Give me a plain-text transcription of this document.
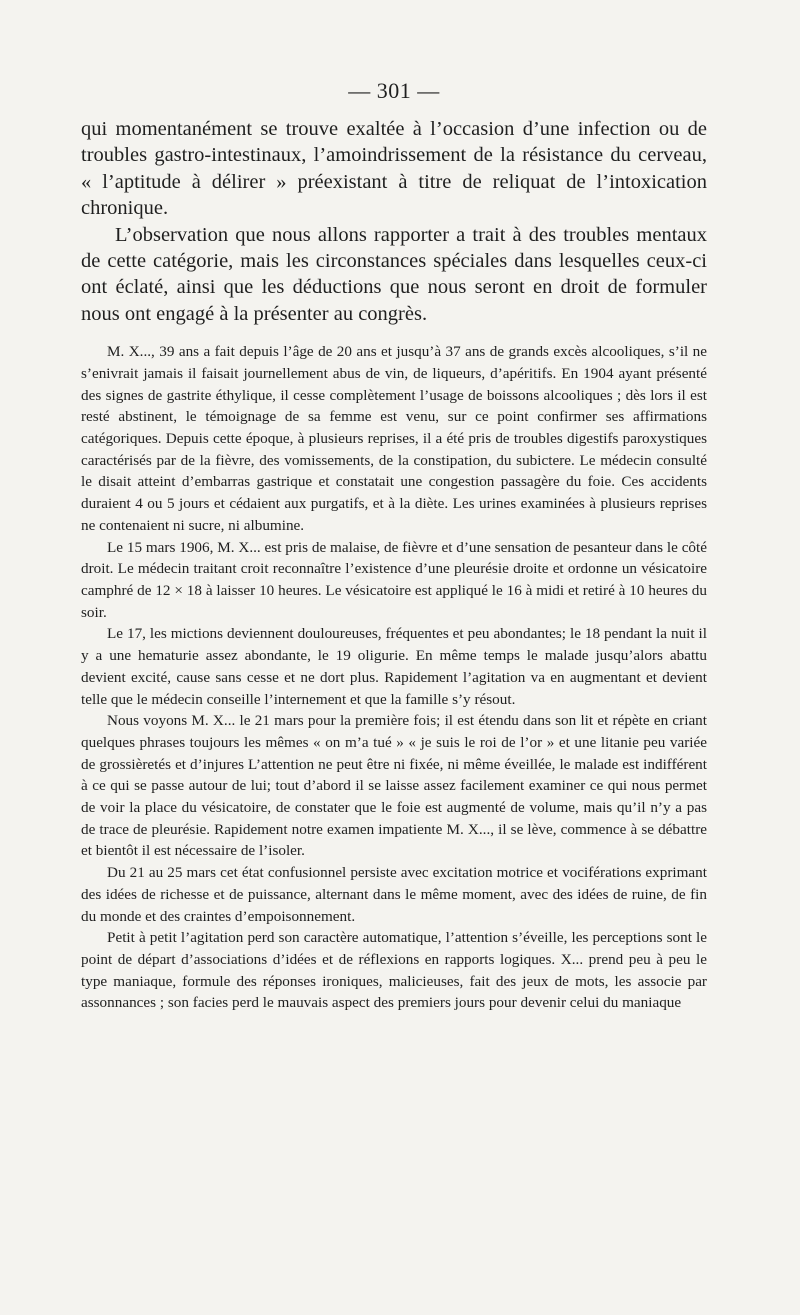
— 301 —

qui momentanément se trouve exaltée à l’occasion d’une infection ou de troubles gastro-intestinaux, l’amoindrissement de la résistance du cerveau, « l’aptitude à délirer » préexistant à titre de reliquat de l’intoxication chronique.

L’observation que nous allons rapporter a trait à des troubles mentaux de cette catégorie, mais les circonstances spéciales dans lesquelles ceux-ci ont éclaté, ainsi que les déductions que nous seront en droit de formuler nous ont engagé à la présenter au congrès.

M. X..., 39 ans a fait depuis l’âge de 20 ans et jusqu’à 37 ans de grands excès alcooliques, s’il ne s’enivrait jamais il faisait journellement abus de vin, de liqueurs, d’apéritifs. En 1904 ayant présenté des signes de gastrite éthylique, il cesse complètement l’usage de boissons alcooliques ; dès lors il est resté abstinent, le témoignage de sa femme est venu, sur ce point confirmer ses affirmations catégoriques. Depuis cette époque, à plusieurs reprises, il a été pris de troubles digestifs paroxystiques caractérisés par de la fièvre, des vomissements, de la constipation, du subictere. Le médecin consulté le disait atteint d’embarras gastrique et constatait une congestion passagère du foie. Ces accidents duraient 4 ou 5 jours et cédaient aux purgatifs, et à la diète. Les urines examinées à plusieurs reprises ne contenaient ni sucre, ni albumine.

Le 15 mars 1906, M. X... est pris de malaise, de fièvre et d’une sensation de pesanteur dans le côté droit. Le médecin traitant croit reconnaître l’existence d’une pleurésie droite et ordonne un vésicatoire camphré de 12 × 18 à laisser 10 heures. Le vésicatoire est appliqué le 16 à midi et retiré à 10 heures du soir.

Le 17, les mictions deviennent douloureuses, fréquentes et peu abondantes; le 18 pendant la nuit il y a une hematurie assez abondante, le 19 oligurie. En même temps le malade jusqu’alors abattu devient excité, cause sans cesse et ne dort plus. Rapidement l’agitation va en augmentant et devient telle que le médecin conseille l’internement et que la famille s’y résout.

Nous voyons M. X... le 21 mars pour la première fois; il est étendu dans son lit et répète en criant quelques phrases toujours les mêmes « on m’a tué » « je suis le roi de l’or » et une litanie peu variée de grossièretés et d’injures L’attention ne peut être ni fixée, ni même éveillée, le malade est indifférent à ce qui se passe autour de lui; tout d’abord il se laisse assez facilement examiner ce qui nous permet de voir la place du vésicatoire, de constater que le foie est augmenté de volume, mais qu’il n’y a pas de trace de pleurésie. Rapidement notre examen impatiente M. X..., il se lève, commence à se débattre et bientôt il est nécessaire de l’isoler.

Du 21 au 25 mars cet état confusionnel persiste avec excitation motrice et vociférations exprimant des idées de richesse et de puissance, alternant dans le même moment, avec des idées de ruine, de fin du monde et des craintes d’empoisonnement.

Petit à petit l’agitation perd son caractère automatique, l’attention s’éveille, les perceptions sont le point de départ d’associations d’idées et de réflexions en rapports logiques. X... prend peu à peu le type maniaque, formule des réponses ironiques, malicieuses, fait des jeux de mots, les associe par assonnances ; son facies perd le mauvais aspect des premiers jours pour devenir celui du maniaque
